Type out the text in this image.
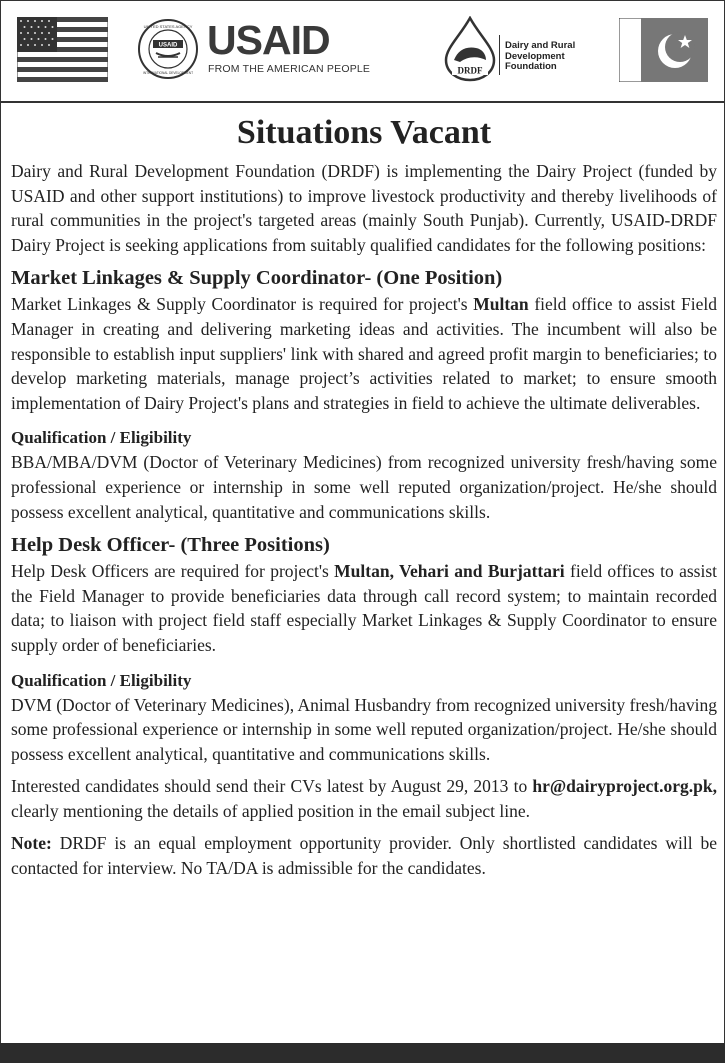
USAID
UNITED STATES AGENCY
INTERNATIONAL DEVELOPMENT
USAID
FROM THE AMERICAN PEOPLE	DRDF
Dairy and Rural
Development
Foundation
Situations Vacant

Dairy and Rural Development Foundation (DRDF) is implementing the Dairy Project (funded by USAID and other support institutions) to improve livestock productivity and thereby livelihoods of rural communities in the project's targeted areas (mainly South Punjab). Currently, USAID-DRDF Dairy Project is seeking applications from suitably qualified candidates for the following positions:

Market Linkages & Supply Coordinator- (One Position)

Market Linkages & Supply Coordinator is required for project's Multan field office to assist Field Manager in creating and delivering marketing ideas and activities. The incumbent will also be responsible to establish input suppliers' link with shared and agreed profit margin to beneficiaries; to develop marketing materials, manage project’s activities related to market; to ensure smooth implementation of Dairy Project's plans and strategies in field to achieve the ultimate deliverables.

Qualification / Eligibility

BBA/MBA/DVM (Doctor of Veterinary Medicines) from recognized university fresh/having some professional experience or internship in some well reputed organization/project. He/she should possess excellent analytical, quantitative and communications skills.

Help Desk Officer- (Three Positions)

Help Desk Officers are required for project's Multan, Vehari and Burjattari field offices to assist the Field Manager to provide beneficiaries data through call record system; to maintain recorded data; to liaison with project field staff especially Market Linkages & Supply Coordinator to ensure supply order of beneficiaries.

Qualification / Eligibility

DVM (Doctor of Veterinary Medicines), Animal Husbandry from recognized university fresh/having some professional experience or internship in some well reputed organization/project. He/she should possess excellent analytical, quantitative and communications skills.

Interested candidates should send their CVs latest by August 29, 2013 to hr@dairyproject.org.pk, clearly mentioning the details of applied position in the email subject line.

Note: DRDF is an equal employment opportunity provider. Only shortlisted candidates will be contacted for interview. No TA/DA is admissible for the candidates.
